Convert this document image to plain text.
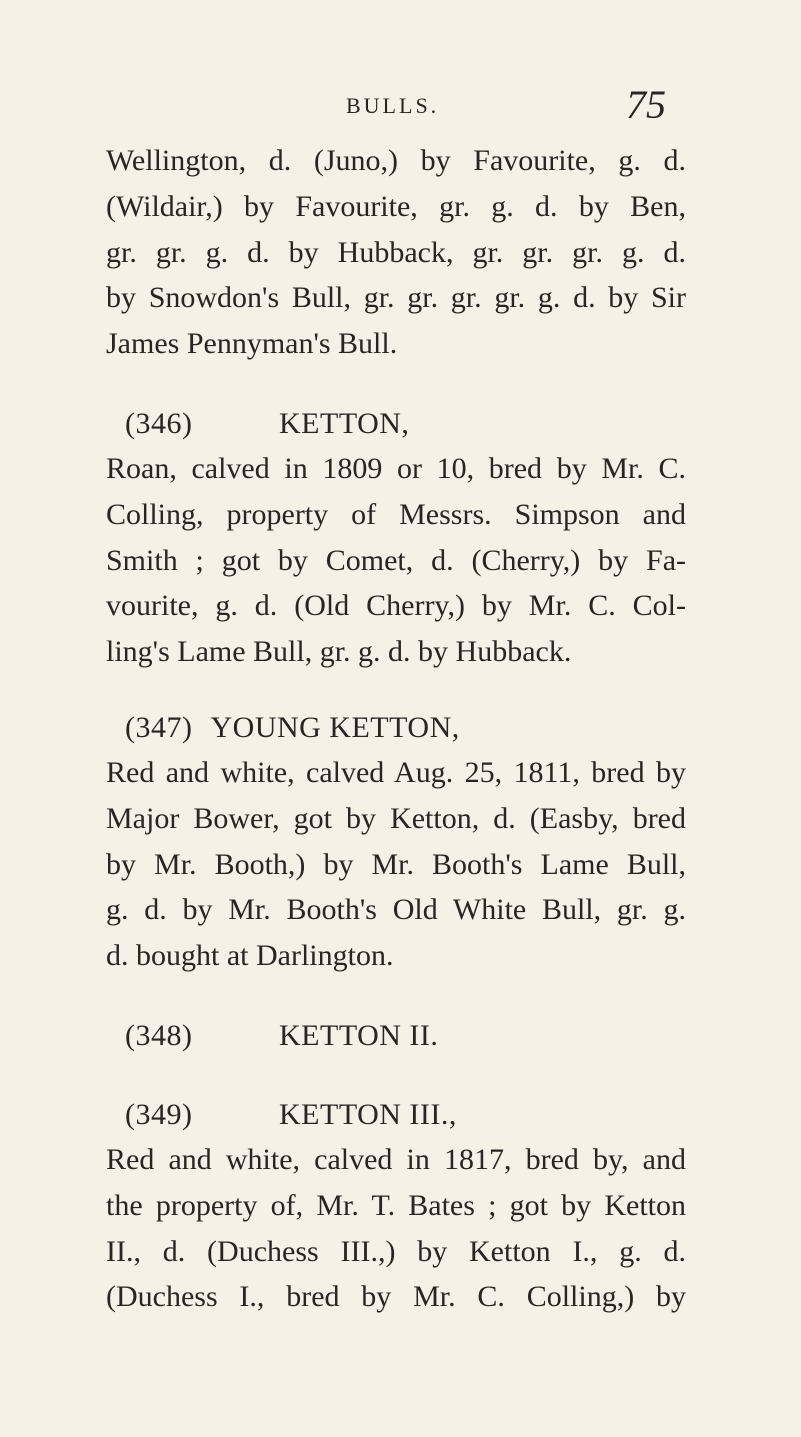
BULLS.	75

Wellington, d. (Juno,) by Favourite, g. d.
(Wildair,) by Favourite, gr. g. d. by Ben,
gr. gr. g. d. by Hubback, gr. gr. gr. g. d.
by Snowdon's Bull, gr. gr. gr. gr. g. d. by Sir
James Pennyman's Bull.

(346)	KETTON,

Roan, calved in 1809 or 10, bred by Mr. C.
Colling, property of Messrs. Simpson and
Smith ; got by Comet, d. (Cherry,) by Fa-
vourite, g. d. (Old Cherry,) by Mr. C. Col-
ling's Lame Bull, gr. g. d. by Hubback.

(347) YOUNG KETTON,

Red and white, calved Aug. 25, 1811, bred by
Major Bower, got by Ketton, d. (Easby, bred
by Mr. Booth,) by Mr. Booth's Lame Bull,
g. d. by Mr. Booth's Old White Bull, gr. g.
d. bought at Darlington.

(348)	KETTON II.

(349)	KETTON III.,

Red and white, calved in 1817, bred by, and
the property of, Mr. T. Bates ; got by Ketton
II., d. (Duchess III.,) by Ketton I., g. d.
(Duchess I., bred by Mr. C. Colling,) by
